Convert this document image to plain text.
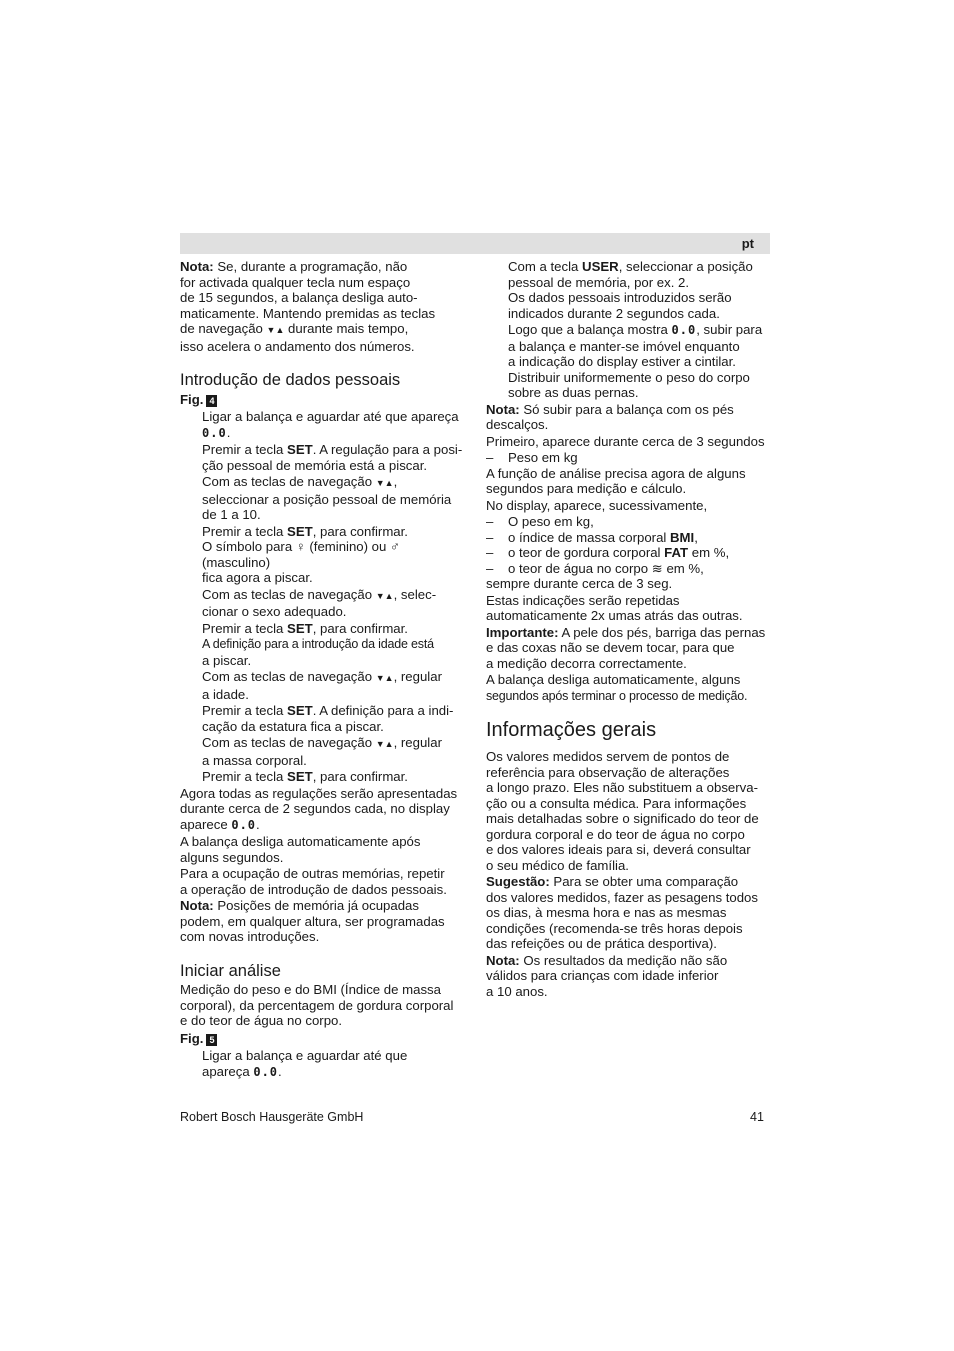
pt

Nota: Se, durante a programação, não
for activada qualquer tecla num espaço
de 15 segundos, a balança desliga auto-
maticamente. Mantendo premidas as teclas
de navegação ▼▲ durante mais tempo,
isso acelera o andamento dos números.

Introdução de dados pessoais
Fig. 4

Ligar a balança e aguardar até que apareça
0.0.

Premir a tecla SET. A regulação para a posi-
ção pessoal de memória está a piscar.

Com as teclas de navegação ▼▲,
seleccionar a posição pessoal de memória
de 1 a 10.

Premir a tecla SET, para confirmar.
O símbolo para ♀ (feminino) ou ♂ (masculino)
fica agora a piscar.

Com as teclas de navegação ▼▲, selec-
cionar o sexo adequado.

Premir a tecla SET, para confirmar.
A definição para a introdução da idade está
a piscar.

Com as teclas de navegação ▼▲, regular
a idade.

Premir a tecla SET. A definição para a indi-
cação da estatura fica a piscar.

Com as teclas de navegação ▼▲, regular
a massa corporal.

Premir a tecla SET, para confirmar.

Agora todas as regulações serão apresentadas
durante cerca de 2 segundos cada, no display
aparece 0.0.

A balança desliga automaticamente após
alguns segundos.

Para a ocupação de outras memórias, repetir
a operação de introdução de dados pessoais.

Nota: Posições de memória já ocupadas
podem, em qualquer altura, ser programadas
com novas introduções.

Iniciar análise

Medição do peso e do BMI (Índice de massa
corporal), da percentagem de gordura corporal
e do teor de água no corpo.

Fig. 5

Ligar a balança e aguardar até que
apareça 0.0.

Com a tecla USER, seleccionar a posição
pessoal de memória, por ex. 2.
Os dados pessoais introduzidos serão
indicados durante 2 segundos cada.

Logo que a balança mostra 0.0, subir para
a balança e manter-se imóvel enquanto
a indicação do display estiver a cintilar.
Distribuir uniformemente o peso do corpo
sobre as duas pernas.

Nota: Só subir para a balança com os pés
descalços.

Primeiro, aparece durante cerca de 3 segundos

–	Peso em kg

A função de análise precisa agora de alguns
segundos para medição e cálculo.

No display, aparece, sucessivamente,

–	O peso em kg,
–	o índice de massa corporal BMI,
–	o teor de gordura corporal FAT em %,
–	o teor de água no corpo ≋ em %,

sempre durante cerca de 3 seg.

Estas indicações serão repetidas
automaticamente 2x umas atrás das outras.

Importante: A pele dos pés, barriga das pernas
e das coxas não se devem tocar, para que
a medição decorra correctamente.

A balança desliga automaticamente, alguns
segundos após terminar o processo de medição.

Informações gerais

Os valores medidos servem de pontos de
referência para observação de alterações
a longo prazo. Eles não substituem a observa-
ção ou a consulta médica. Para informações
mais detalhadas sobre o significado do teor de
gordura corporal e do teor de água no corpo
e dos valores ideais para si, deverá consultar
o seu médico de família.

Sugestão: Para se obter uma comparação
dos valores medidos, fazer as pesagens todos
os dias, à mesma hora e nas as mesmas
condições (recomenda-se três horas depois
das refeições ou de prática desportiva).

Nota: Os resultados da medição não são
válidos para crianças com idade inferior
a 10 anos.

Robert Bosch Hausgeräte GmbH	41
